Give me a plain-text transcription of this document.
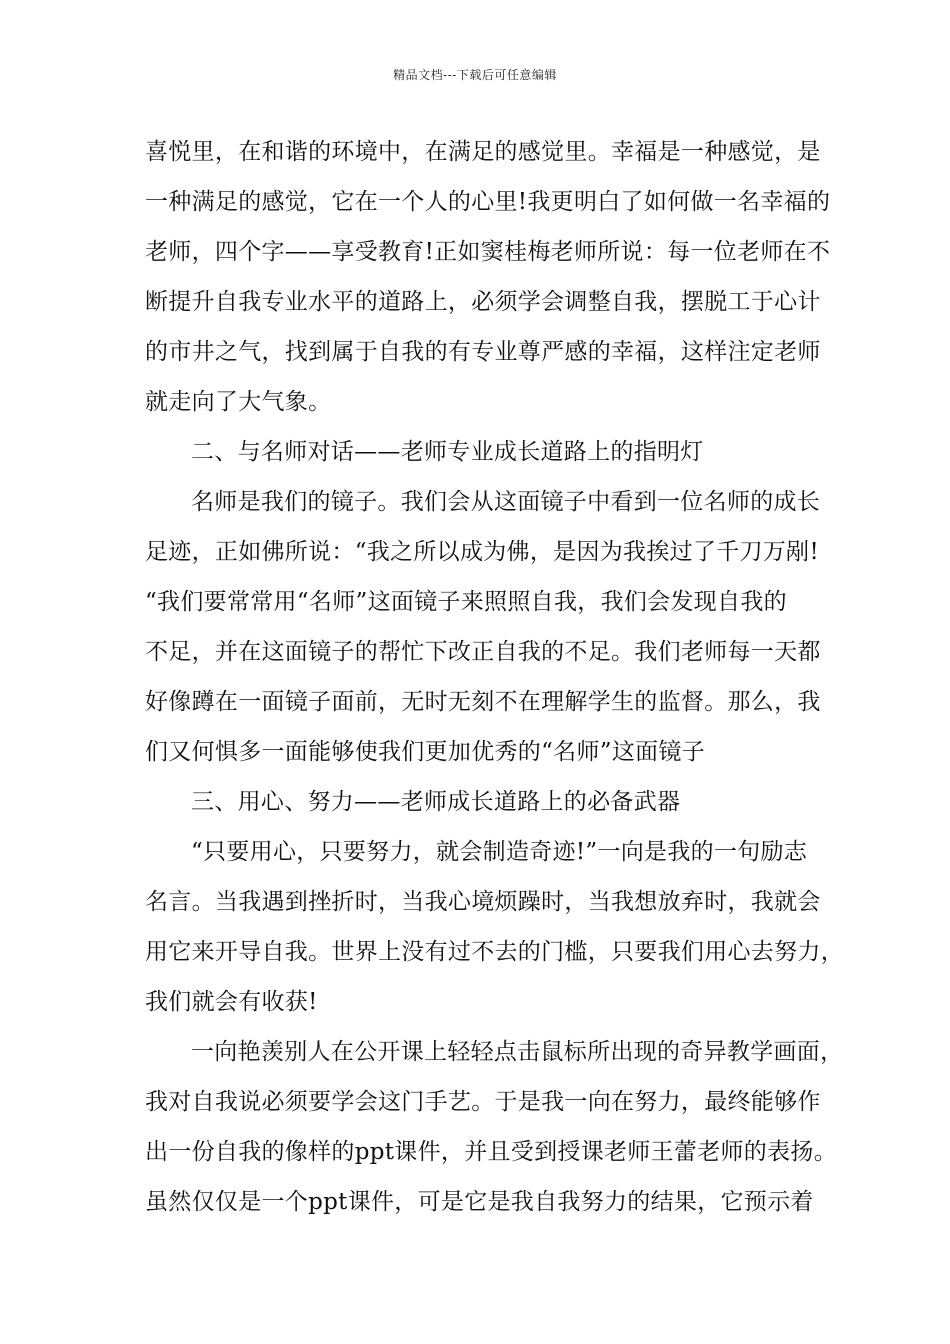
精品文档---下载后可任意编辑
喜悦里，在和谐的环境中，在满足的感觉里。幸福是一种感觉，是
一种满足的感觉，它在一个人的心里!我更明白了如何做一名幸福的
老师，四个字——享受教育!正如窦桂梅老师所说：每一位老师在不
断提升自我专业水平的道路上，必须学会调整自我，摆脱工于心计
的市井之气，找到属于自我的有专业尊严感的幸福，这样注定老师
就走向了大气象。
二、与名师对话——老师专业成长道路上的指明灯
名师是我们的镜子。我们会从这面镜子中看到一位名师的成长
足迹，正如佛所说：“我之所以成为佛，是因为我挨过了千刀万剐!
“我们要常常用“名师”这面镜子来照照自我，我们会发现自我的
不足，并在这面镜子的帮忙下改正自我的不足。我们老师每一天都
好像蹲在一面镜子面前，无时无刻不在理解学生的监督。那么，我
们又何惧多一面能够使我们更加优秀的“名师”这面镜子
三、用心、努力——老师成长道路上的必备武器
“只要用心，只要努力，就会制造奇迹!”一向是我的一句励志
名言。当我遇到挫折时，当我心境烦躁时，当我想放弃时，我就会
用它来开导自我。世界上没有过不去的门槛，只要我们用心去努力，
我们就会有收获!
一向艳羡别人在公开课上轻轻点击鼠标所出现的奇异教学画面，
我对自我说必须要学会这门手艺。于是我一向在努力，最终能够作
出一份自我的像样的ppt课件，并且受到授课老师王蕾老师的表扬。
虽然仅仅是一个ppt课件，可是它是我自我努力的结果，它预示着
